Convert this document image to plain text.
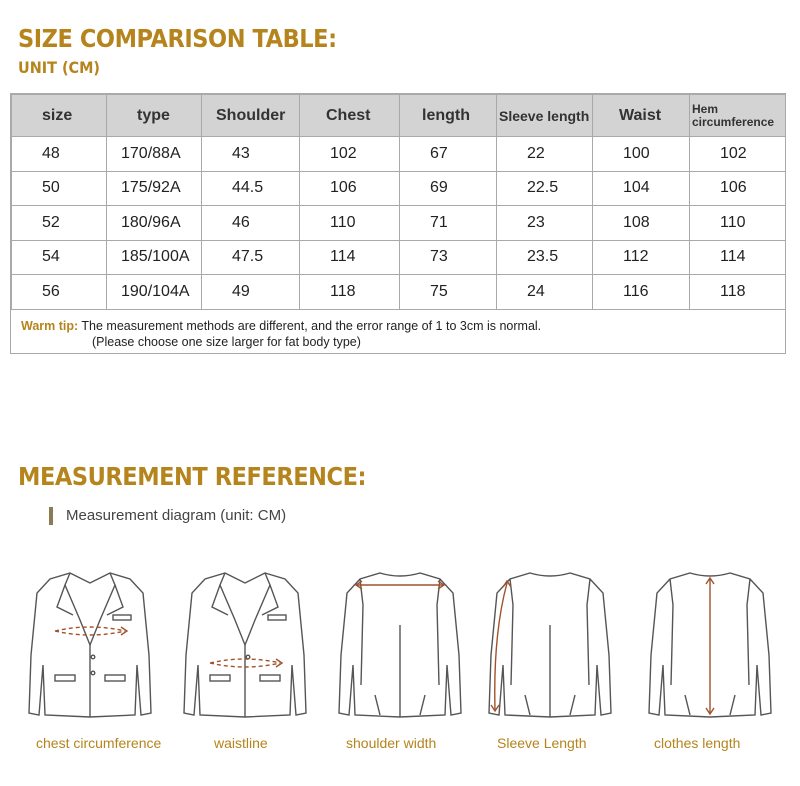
SIZE COMPARISON TABLE:
UNIT (CM)
size	type	Shoulder	Chest	length	Sleeve length	Waist	Hem
circumference

48	170/88A	43	102	67	22	100	102
50	175/92A	44.5	106	69	22.5	104	106
52	180/96A	46	110	71	23	108	110
54	185/100A	47.5	114	73	23.5	112	114
56	190/104A	49	118	75	24	116	118
Warm tip: The measurement methods are different, and the error range of 1 to 3cm is normal.
(Please choose one size larger for fat body type)
MEASUREMENT REFERENCE:
Measurement diagram (unit: CM)
chest circumference	waistline	shoulder width	Sleeve Length	clothes length
